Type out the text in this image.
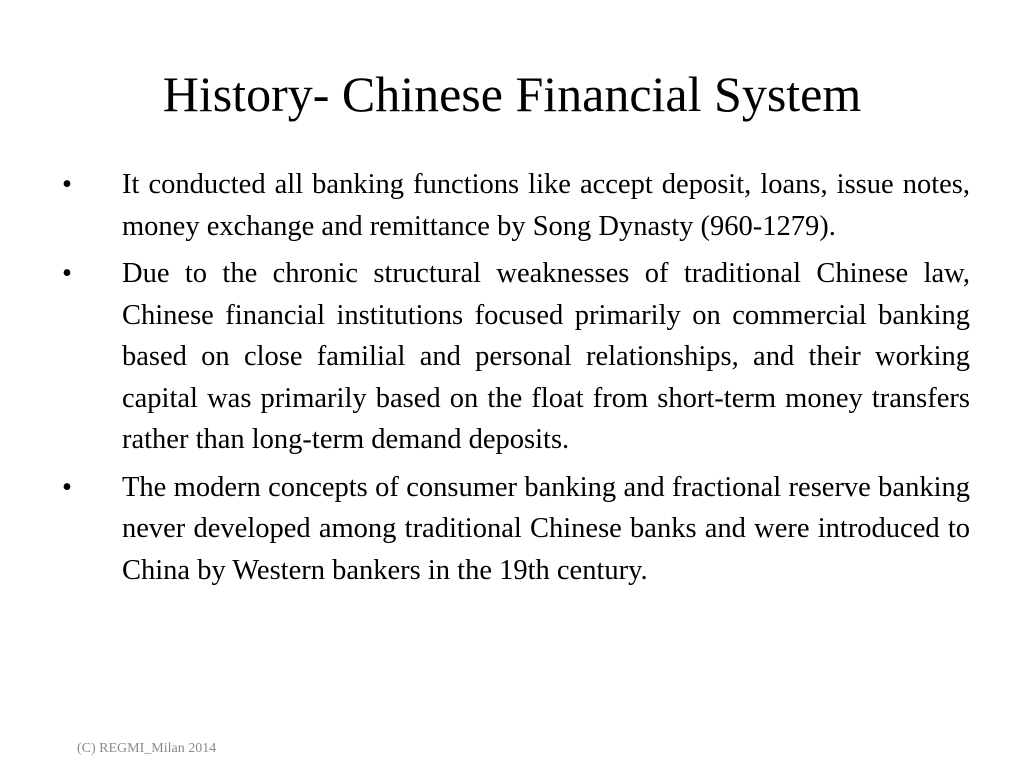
History- Chinese Financial System
•	It conducted all banking functions like accept deposit, loans, issue notes, money exchange and remittance by Song Dynasty (960-1279).
•	Due to the chronic structural weaknesses of traditional Chinese law, Chinese financial institutions focused primarily on commercial banking based on close familial and personal relationships, and their working capital was primarily based on the float from short-term money transfers rather than long-term demand deposits.
•	The modern concepts of consumer banking and fractional reserve banking never developed among traditional Chinese banks and were introduced to China by Western bankers in the 19th century.
(C) REGMI_Milan 2014
